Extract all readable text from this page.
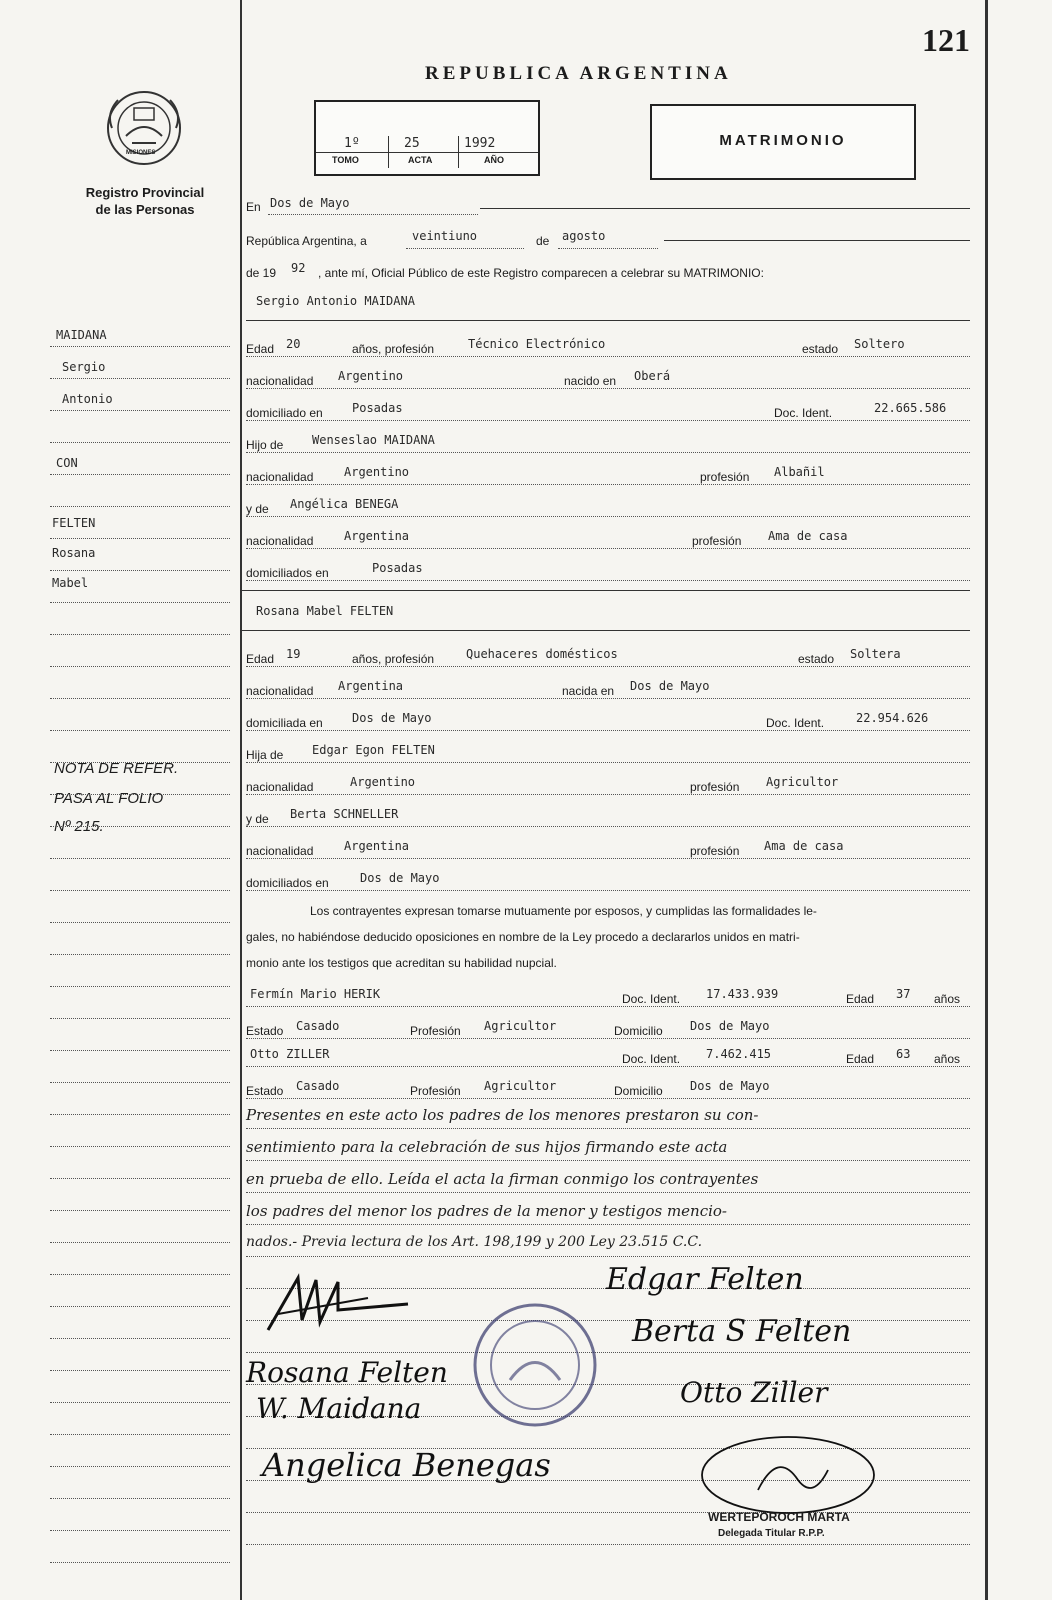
121
MISIONES
Registro Provincial
de las Personas
REPUBLICA ARGENTINA
1º	25	1992
TOMO	ACTA	AÑO
MATRIMONIO
En Dos de Mayo
República Argentina, a	veintiuno	de agosto
de 19 92 , ante mí, Oficial Público de este Registro comparecen a celebrar su MATRIMONIO:
MAIDANA
Sergio
Antonio
CON
FELTEN
Rosana
Mabel
NOTA DE REFER.
PASA AL FOLIO
Nº 215.
Sergio Antonio MAIDANA
Edad 20	años, profesión	Técnico Electrónico	estado Soltero
nacionalidad Argentino	nacido en Oberá
domiciliado en Posadas	Doc. Ident.	22.665.586
Hijo de Wenseslao MAIDANA
nacionalidad	Argentino	profesión Albañil
y de Angélica BENEGA
nacionalidad	Argentina	profesión Ama de casa
domiciliados en	Posadas
Rosana Mabel FELTEN
Edad 19	años, profesión	Quehaceres domésticos	estado Soltera
nacionalidad Argentina	nacida en Dos de Mayo
domiciliada en Dos de Mayo	Doc. Ident.	22.954.626
Hija de Edgar Egon FELTEN
nacionalidad	Argentino	profesión Agricultor
y de Berta SCHNELLER
nacionalidad	Argentina	profesión Ama de casa
domiciliados en	Dos de Mayo
Los contrayentes expresan tomarse mutuamente por esposos, y cumplidas las formalidades le-
gales, no habiéndose deducido oposiciones en nombre de la Ley procedo a declararlos unidos en matri-
monio ante los testigos que acreditan su habilidad nupcial.
Fermín Mario HERIK	Doc. Ident. 17.433.939	Edad 37 años
Estado Casado	Profesión Agricultor	Domicilio Dos de Mayo
Otto ZILLER	Doc. Ident. 7.462.415	Edad 63 años
Estado Casado	Profesión Agricultor	Domicilio Dos de Mayo
Presentes en este acto los padres de los menores prestaron su con-
sentimiento para la celebración de sus hijos firmando este acta
en prueba de ello. Leída el acta la firman conmigo los contrayentes
los padres del menor los padres de la menor y testigos mencio-
nados.- Previa lectura de los Art. 198,199 y 200 Ley 23.515 C.C.
Edgar Felten
Berta S Felten
Rosana Felten
W. Maidana	Otto Ziller
Angelica Benegas
WERTEPOROCH MARTA
Delegada Titular R.P.P.
